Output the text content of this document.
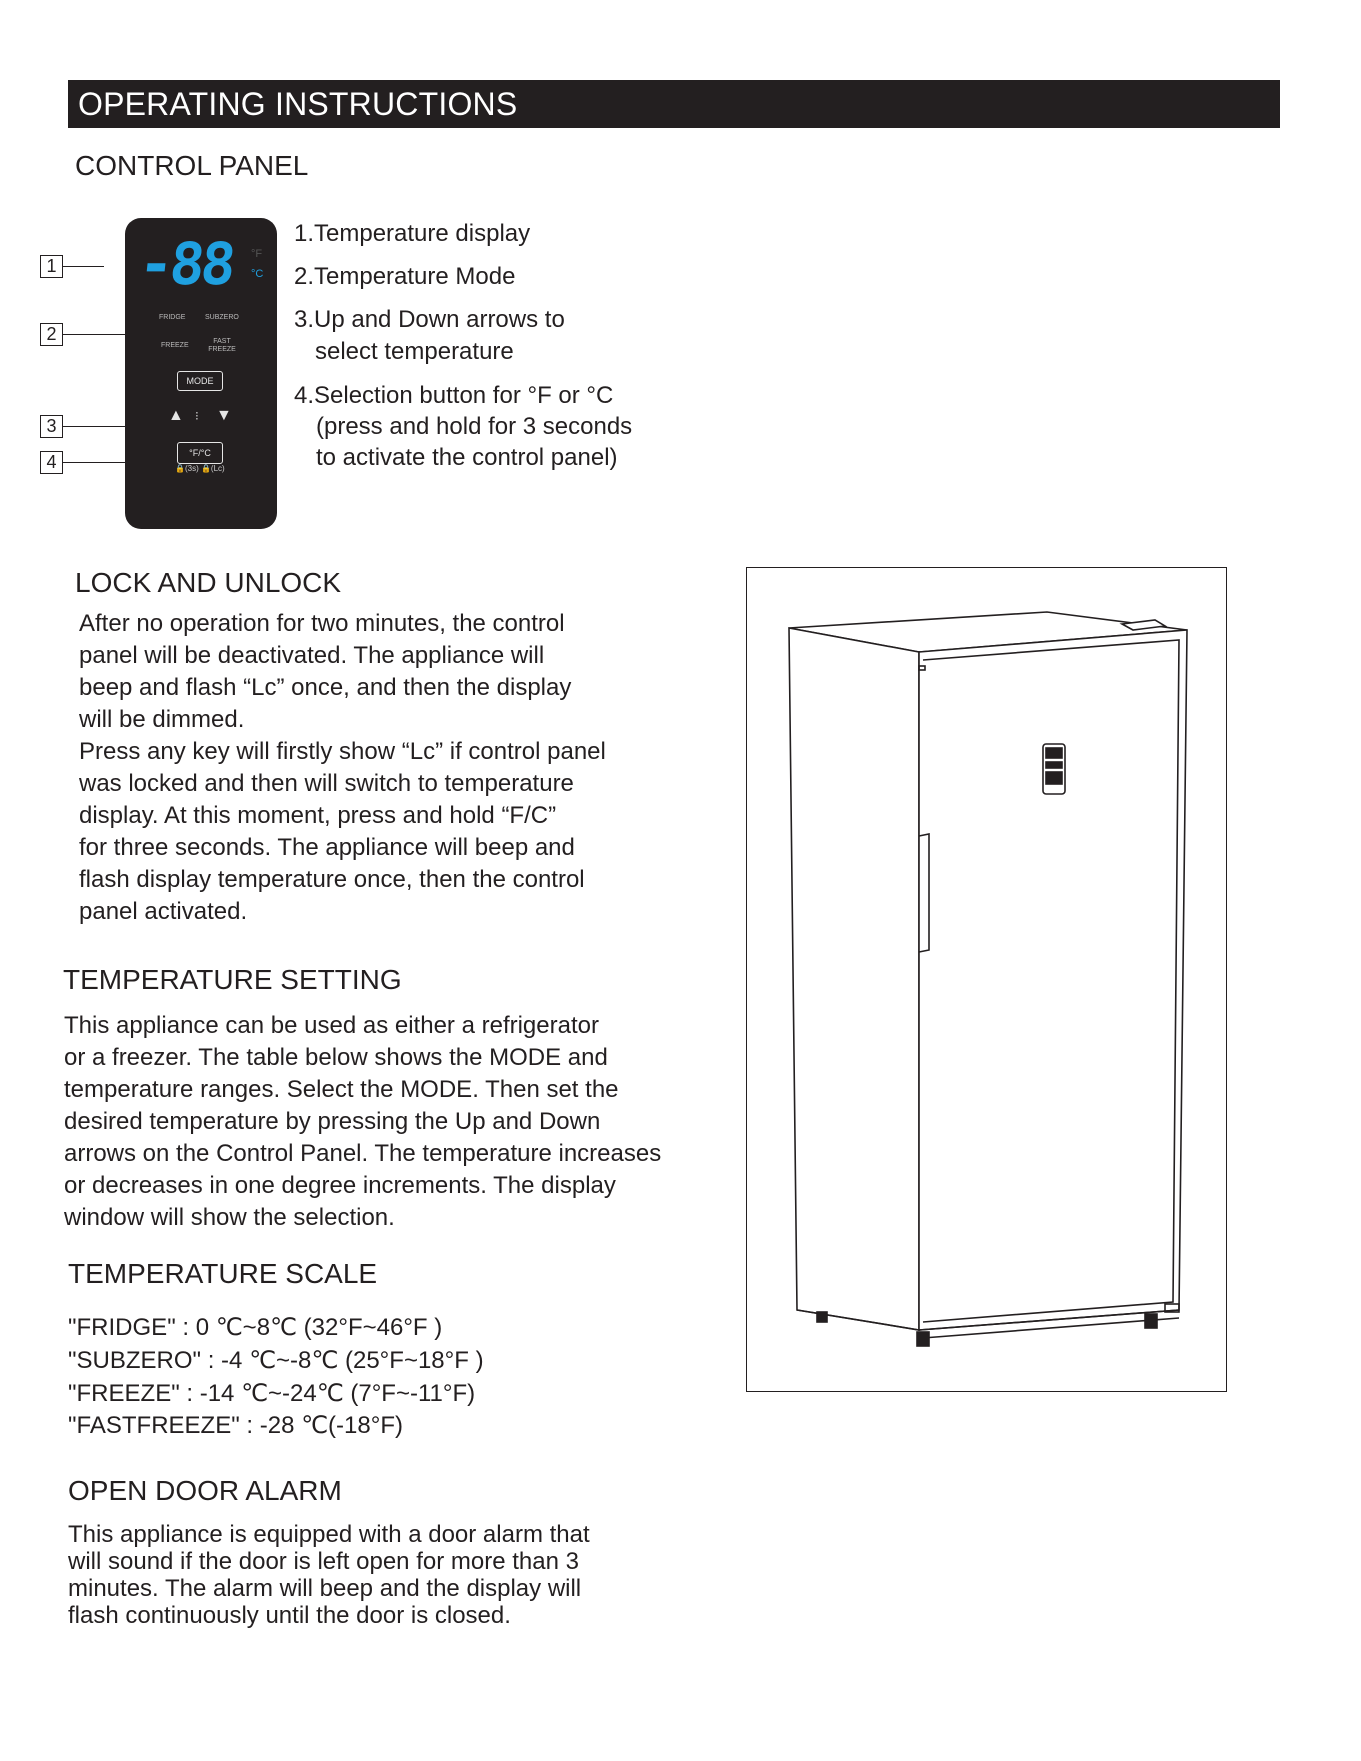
OPERATING INSTRUCTIONS
CONTROL PANEL
-88 °F
°C
FRIDGE	SUBZERO
FREEZE
FAST FREEZE
MODE
▲ ⁝ ▼
°F/°C
🔒(3s) 🔒(Lc)
1
2
3
4
1.Temperature display
2.Temperature Mode
3.Up and Down arrows to
select temperature
4.Selection button for °F or °C
(press and hold for 3 seconds
to activate the control panel)
LOCK AND UNLOCK
After no operation for two minutes, the control
panel will be deactivated. The appliance will
beep and flash “Lc” once, and then the display
will be dimmed.
Press any key will firstly show “Lc” if control panel
was locked and then will switch to temperature
display. At this moment, press and hold “F/C”
for three seconds. The appliance will beep and
flash display temperature once, then the control
panel activated.
TEMPERATURE SETTING
This appliance can be used as either a refrigerator
or a freezer. The table below shows the MODE and
temperature ranges. Select the MODE. Then set the
desired temperature by pressing the Up and Down
arrows on the Control Panel. The temperature increases
or decreases in one degree increments. The display
window will show the selection.
TEMPERATURE SCALE
"FRIDGE" : 0 ℃~8℃ (32°F~46°F )
"SUBZERO" : -4 ℃~-8℃ (25°F~18°F )
"FREEZE" : -14 ℃~-24℃ (7°F~-11°F)
"FASTFREEZE" : -28 ℃(-18°F)
OPEN DOOR ALARM
This appliance is equipped with a door alarm that
will sound if the door is left open for more than 3
minutes. The alarm will beep and the display will
flash continuously until the door is closed.
